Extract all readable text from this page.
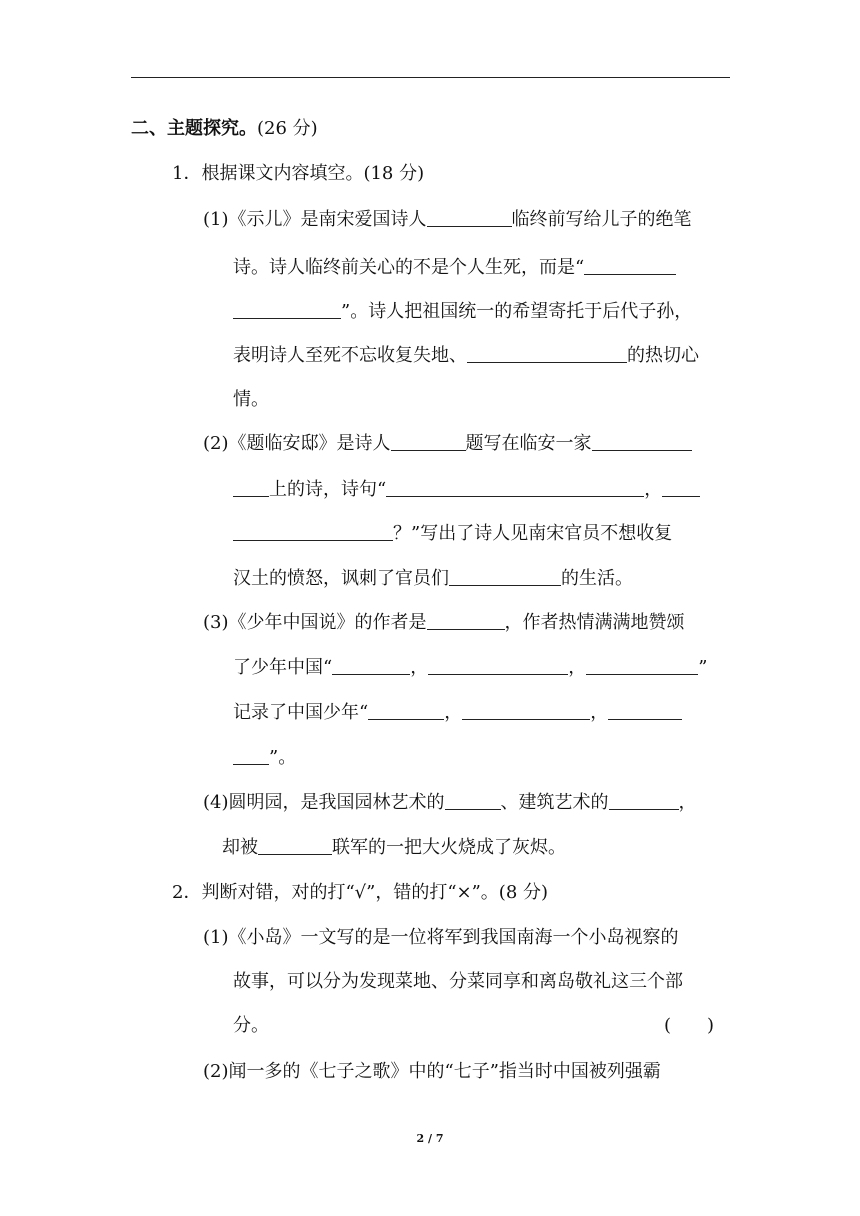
二、主题探究。(26 分)
1．根据课文内容填空。(18 分)
(1)《示儿》是南宋爱国诗人	临终前写给儿子的绝笔
诗。诗人临终前关心的不是个人生死，而是“
”。诗人把祖国统一的希望寄托于后代子孙，
表明诗人至死不忘收复失地、	的热切心
情。
(2)《题临安邸》是诗人	题写在临安一家
上的诗，诗句“	，
？”写出了诗人见南宋官员不想收复
汉土的愤怒，讽刺了官员们	的生活。
(3)《少年中国说》的作者是	，作者热情满满地赞颂
了少年中国“	，	，	”
记录了中国少年“	，	，
”。
(4)圆明园，是我国园林艺术的	、建筑艺术的	，
却被	联军的一把大火烧成了灰烬。
2．判断对错，对的打“√”，错的打“×”。(8 分)
(1)《小岛》一文写的是一位将军到我国南海一个小岛视察的
故事，可以分为发现菜地、分菜同享和离岛敬礼这三个部
分。	(　　)
(2)闻一多的《七子之歌》中的“七子”指当时中国被列强霸
2 / 7
